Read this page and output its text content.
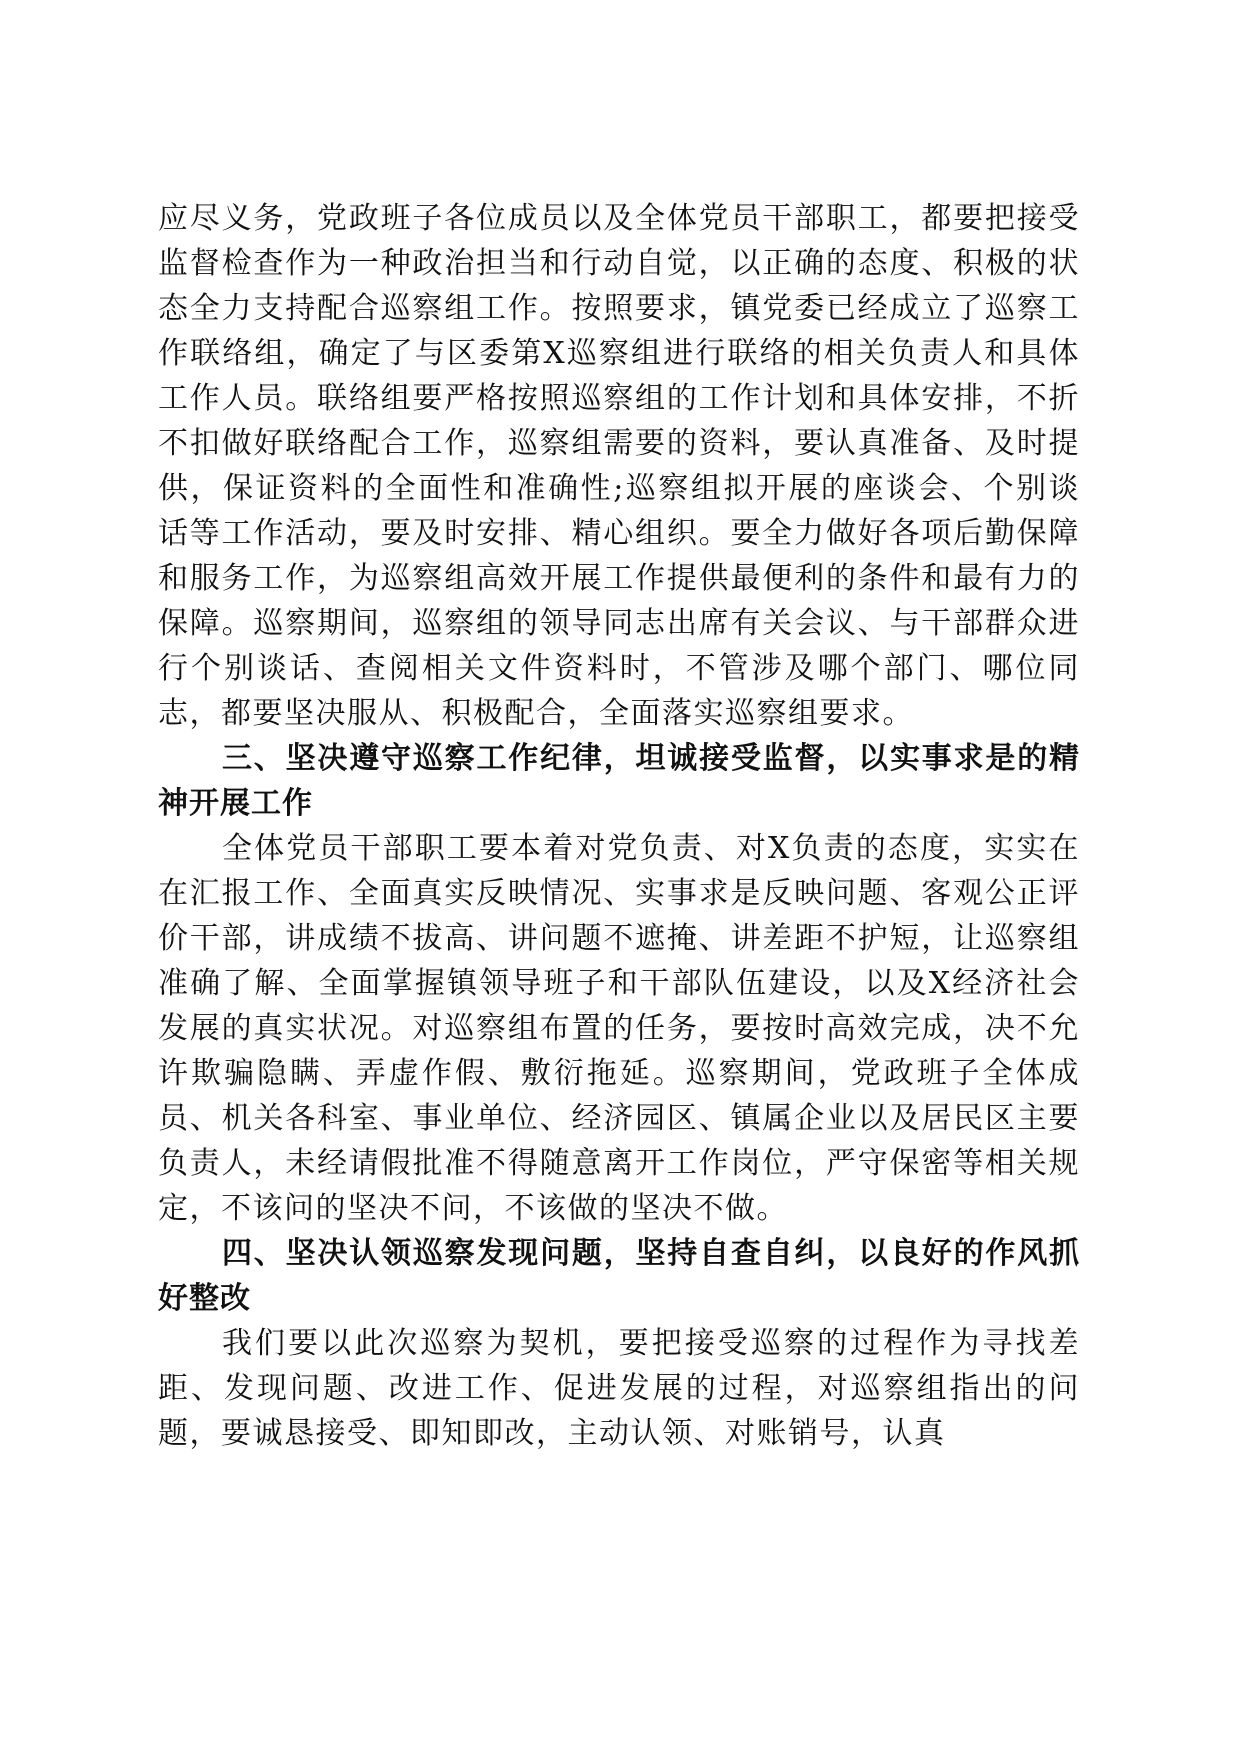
应尽义务，党政班子各位成员以及全体党员干部职工，都要把接受监督检查作为一种政治担当和行动自觉，以正确的态度、积极的状态全力支持配合巡察组工作。按照要求，镇党委已经成立了巡察工作联络组，确定了与区委第X巡察组进行联络的相关负责人和具体工作人员。联络组要严格按照巡察组的工作计划和具体安排，不折不扣做好联络配合工作，巡察组需要的资料，要认真准备、及时提供，保证资料的全面性和准确性;巡察组拟开展的座谈会、个别谈话等工作活动，要及时安排、精心组织。要全力做好各项后勤保障和服务工作，为巡察组高效开展工作提供最便利的条件和最有力的保障。巡察期间，巡察组的领导同志出席有关会议、与干部群众进行个别谈话、查阅相关文件资料时，不管涉及哪个部门、哪位同志，都要坚决服从、积极配合，全面落实巡察组要求。

三、坚决遵守巡察工作纪律，坦诚接受监督，以实事求是的精神开展工作

全体党员干部职工要本着对党负责、对X负责的态度，实实在在汇报工作、全面真实反映情况、实事求是反映问题、客观公正评价干部，讲成绩不拔高、讲问题不遮掩、讲差距不护短，让巡察组准确了解、全面掌握镇领导班子和干部队伍建设，以及X经济社会发展的真实状况。对巡察组布置的任务，要按时高效完成，决不允许欺骗隐瞒、弄虚作假、敷衍拖延。巡察期间，党政班子全体成员、机关各科室、事业单位、经济园区、镇属企业以及居民区主要负责人，未经请假批准不得随意离开工作岗位，严守保密等相关规定，不该问的坚决不问，不该做的坚决不做。

四、坚决认领巡察发现问题，坚持自查自纠，以良好的作风抓好整改

我们要以此次巡察为契机，要把接受巡察的过程作为寻找差距、发现问题、改进工作、促进发展的过程，对巡察组指出的问题，要诚恳接受、即知即改，主动认领、对账销号，认真
